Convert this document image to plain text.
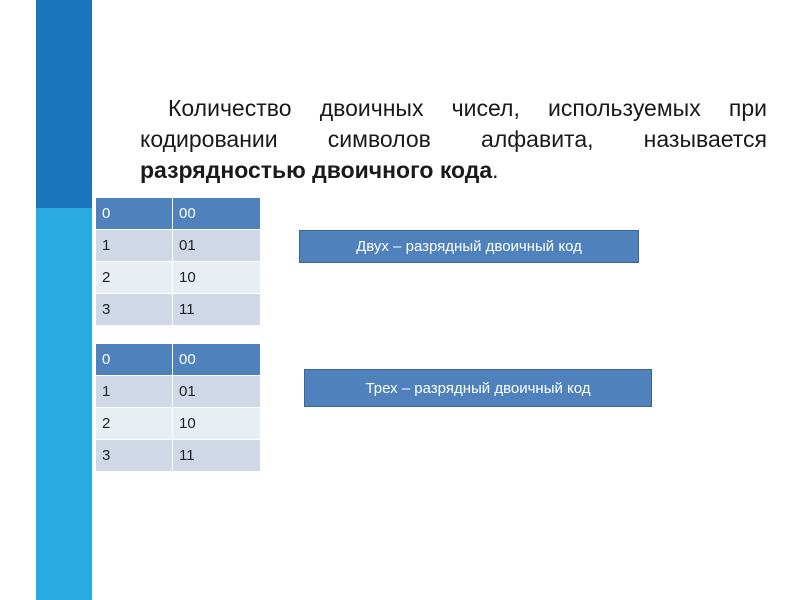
Количество двоичных чисел, используемых при кодировании символов алфавита, называется разрядностью двоичного кода.

0	00
1	01
2	10
3	11
Двух – разрядный двоичный код
0	00
1	01
2	10
3	11
Трех – разрядный двоичный код
